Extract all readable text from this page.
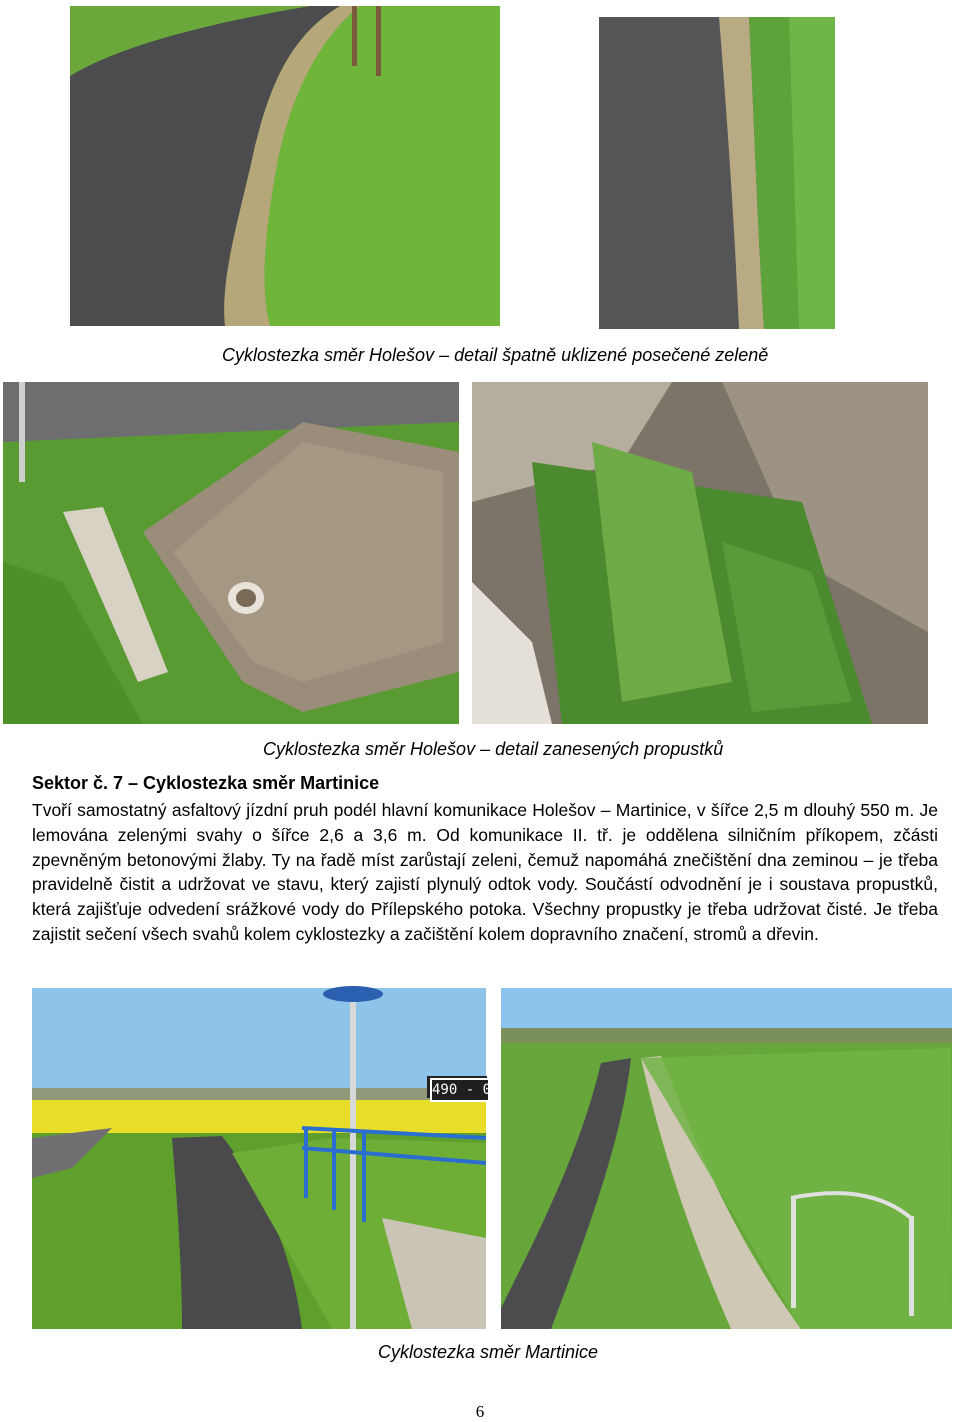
Cyklostezka směr Holešov – detail špatně uklizené posečené zeleně
Cyklostezka směr Holešov – detail zanesených propustků
Sektor č. 7 – Cyklostezka směr Martinice
Tvoří samostatný asfaltový jízdní pruh podél hlavní komunikace Holešov – Martinice, v šířce 2,5 m dlouhý 550 m. Je lemována zelenými svahy o šířce 2,6 a 3,6 m. Od komunikace II. tř. je oddělena silničním příkopem, zčásti zpevněným betonovými žlaby. Ty na řadě míst zarůstají zeleni, čemuž napomáhá znečištění dna zeminou – je třeba pravidelně čistit a udržovat ve stavu, který zajistí plynulý odtok vody. Součástí odvodnění je i soustava propustků, která zajišťuje odvedení srážkové vody do Přílepského potoka. Všechny propustky je třeba udržovat čisté. Je třeba zajistit sečení všech svahů kolem cyklostezky a začištění kolem dopravního značení, stromů a dřevin.
490 - 00
Cyklostezka směr Martinice
6
